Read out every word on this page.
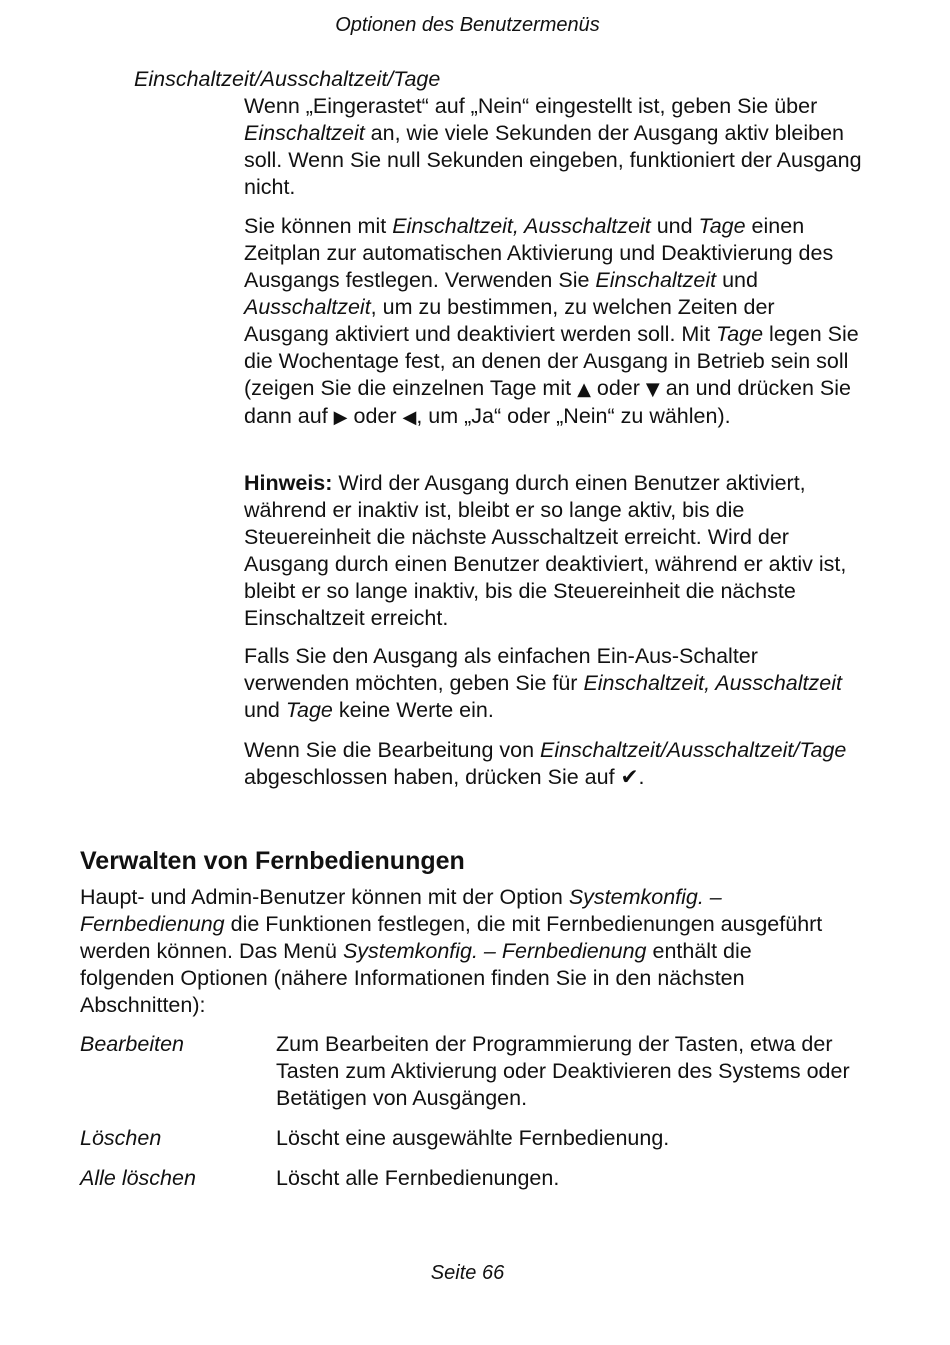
Optionen des Benutzermenüs
Einschaltzeit/Ausschaltzeit/Tage

Wenn „Eingerastet“ auf „Nein“ eingestellt ist, geben Sie über Einschaltzeit an, wie viele Sekunden der Ausgang aktiv bleiben soll. Wenn Sie null Sekunden eingeben, funktioniert der Ausgang nicht.

Sie können mit Einschaltzeit, Ausschaltzeit und Tage einen Zeitplan zur automatischen Aktivierung und Deaktivierung des Ausgangs festlegen. Verwenden Sie Einschaltzeit und Ausschaltzeit, um zu bestimmen, zu welchen Zeiten der Ausgang aktiviert und deaktiviert werden soll. Mit Tage legen Sie die Wochentage fest, an denen der Ausgang in Betrieb sein soll (zeigen Sie die einzelnen Tage mit ▲ oder ▼ an und drücken Sie dann auf ▶ oder ◀, um „Ja“ oder „Nein“ zu wählen).

Hinweis: Wird der Ausgang durch einen Benutzer aktiviert, während er inaktiv ist, bleibt er so lange aktiv, bis die Steuereinheit die nächste Ausschaltzeit erreicht. Wird der Ausgang durch einen Benutzer deaktiviert, während er aktiv ist, bleibt er so lange inaktiv, bis die Steuereinheit die nächste Einschaltzeit erreicht.

Falls Sie den Ausgang als einfachen Ein-Aus-Schalter verwenden möchten, geben Sie für Einschaltzeit, Ausschaltzeit und Tage keine Werte ein.

Wenn Sie die Bearbeitung von Einschaltzeit/Ausschaltzeit/Tage abgeschlossen haben, drücken Sie auf ✔.

Verwalten von Fernbedienungen

Haupt- und Admin-Benutzer können mit der Option Systemkonfig. – Fernbedienung die Funktionen festlegen, die mit Fernbedienungen ausgeführt werden können. Das Menü Systemkonfig. – Fernbedienung enthält die folgenden Optionen (nähere Informationen finden Sie in den nächsten Abschnitten):

Bearbeiten	Zum Bearbeiten der Programmierung der Tasten, etwa der Tasten zum Aktivierung oder Deaktivieren des Systems oder Betätigen von Ausgängen.
Löschen	Löscht eine ausgewählte Fernbedienung.
Alle löschen	Löscht alle Fernbedienungen.
Seite 66
